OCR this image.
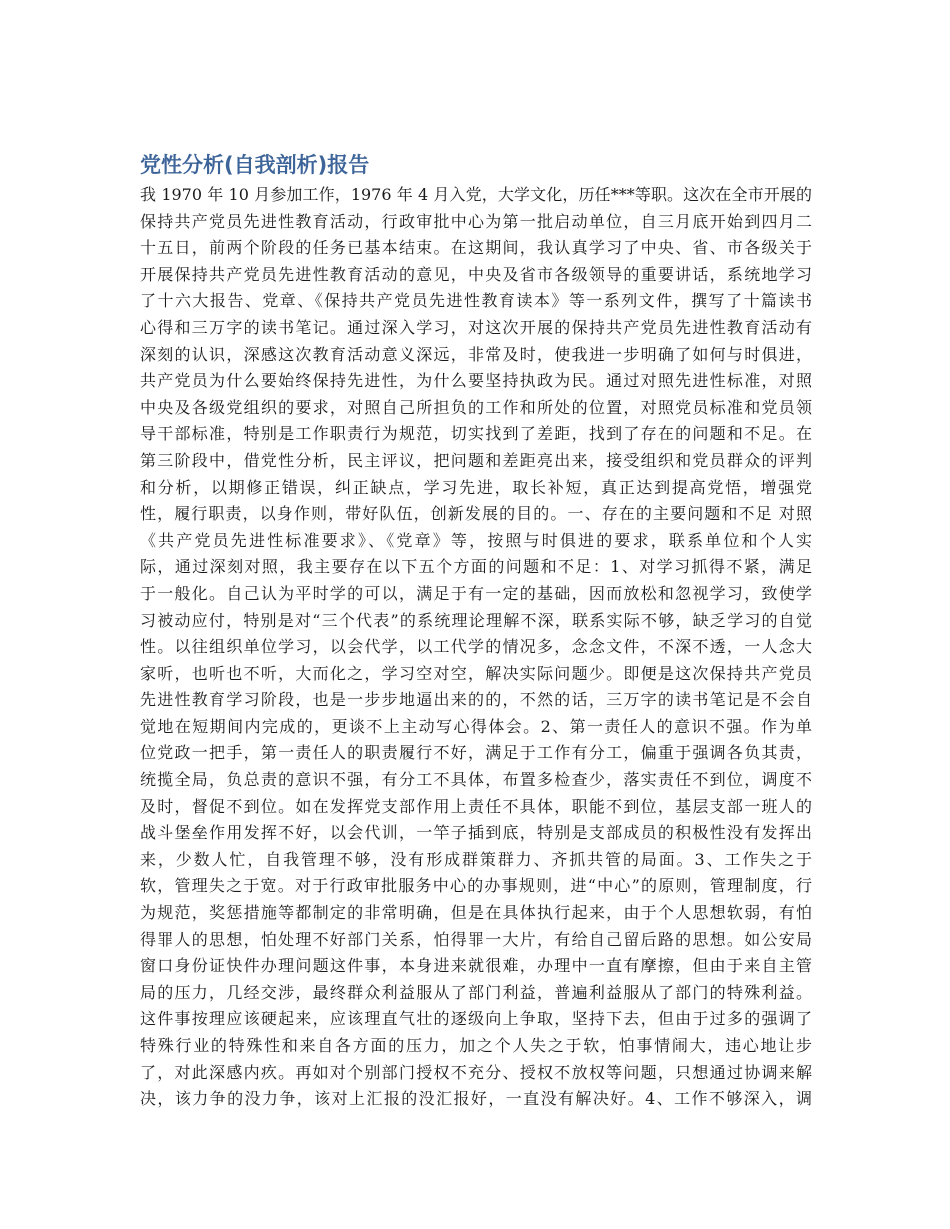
党性分析(自我剖析)报告
我 1970 年 10 月参加工作，1976 年 4 月入党，大学文化，历任***等职。这次在全市开展的
保持共产党员先进性教育活动，行政审批中心为第一批启动单位，自三月底开始到四月二
十五日，前两个阶段的任务已基本结束。在这期间，我认真学习了中央、省、市各级关于
开展保持共产党员先进性教育活动的意见，中央及省市各级领导的重要讲话，系统地学习
了十六大报告、党章、《保持共产党员先进性教育读本》等一系列文件，撰写了十篇读书
心得和三万字的读书笔记。通过深入学习，对这次开展的保持共产党员先进性教育活动有
深刻的认识，深感这次教育活动意义深远，非常及时，使我进一步明确了如何与时俱进，
共产党员为什么要始终保持先进性，为什么要坚持执政为民。通过对照先进性标准，对照
中央及各级党组织的要求，对照自己所担负的工作和所处的位置，对照党员标准和党员领
导干部标准，特别是工作职责行为规范，切实找到了差距，找到了存在的问题和不足。在
第三阶段中，借党性分析，民主评议，把问题和差距亮出来，接受组织和党员群众的评判
和分析，以期修正错误，纠正缺点，学习先进，取长补短，真正达到提高党悟，增强党
性，履行职责，以身作则，带好队伍，创新发展的目的。一、存在的主要问题和不足 对照
《共产党员先进性标准要求》、《党章》等，按照与时俱进的要求，联系单位和个人实
际，通过深刻对照，我主要存在以下五个方面的问题和不足：1、对学习抓得不紧，满足
于一般化。自己认为平时学的可以，满足于有一定的基础，因而放松和忽视学习，致使学
习被动应付，特别是对“三个代表”的系统理论理解不深，联系实际不够，缺乏学习的自觉
性。以往组织单位学习，以会代学，以工代学的情况多，念念文件，不深不透，一人念大
家听，也听也不听，大而化之，学习空对空，解决实际问题少。即便是这次保持共产党员
先进性教育学习阶段，也是一步步地逼出来的的，不然的话，三万字的读书笔记是不会自
觉地在短期间内完成的，更谈不上主动写心得体会。2、第一责任人的意识不强。作为单
位党政一把手，第一责任人的职责履行不好，满足于工作有分工，偏重于强调各负其责，
统揽全局，负总责的意识不强，有分工不具体，布置多检查少，落实责任不到位，调度不
及时，督促不到位。如在发挥党支部作用上责任不具体，职能不到位，基层支部一班人的
战斗堡垒作用发挥不好，以会代训，一竿子插到底，特别是支部成员的积极性没有发挥出
来，少数人忙，自我管理不够，没有形成群策群力、齐抓共管的局面。3、工作失之于
软，管理失之于宽。对于行政审批服务中心的办事规则，进“中心”的原则，管理制度，行
为规范，奖惩措施等都制定的非常明确，但是在具体执行起来，由于个人思想软弱，有怕
得罪人的思想，怕处理不好部门关系，怕得罪一大片，有给自己留后路的思想。如公安局
窗口身份证快件办理问题这件事，本身进来就很难，办理中一直有摩擦，但由于来自主管
局的压力，几经交涉，最终群众利益服从了部门利益，普遍利益服从了部门的特殊利益。
这件事按理应该硬起来，应该理直气壮的逐级向上争取，坚持下去，但由于过多的强调了
特殊行业的特殊性和来自各方面的压力，加之个人失之于软，怕事情闹大，违心地让步
了，对此深感内疚。再如对个别部门授权不充分、授权不放权等问题，只想通过协调来解
决，该力争的没力争，该对上汇报的没汇报好，一直没有解决好。4、工作不够深入，调
